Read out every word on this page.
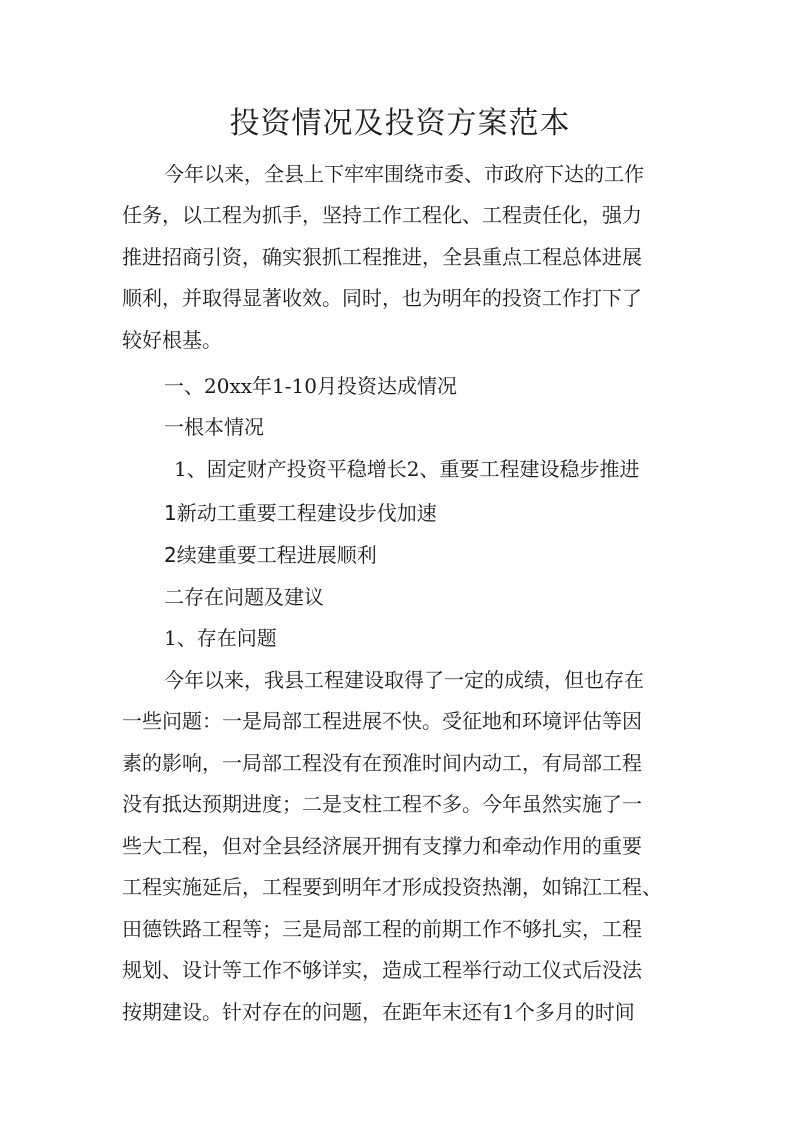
投资情况及投资方案范本
今年以来，全县上下牢牢围绕市委、市政府下达的工作
任务，以工程为抓手，坚持工作工程化、工程责任化，强力
推进招商引资，确实狠抓工程推进，全县重点工程总体进展
顺利，并取得显著收效。同时，也为明年的投资工作打下了
较好根基。
一、20xx年1-10月投资达成情况
一根本情况
1、固定财产投资平稳增长2、重要工程建设稳步推进
1新动工重要工程建设步伐加速
2续建重要工程进展顺利
二存在问题及建议
1、存在问题
今年以来，我县工程建设取得了一定的成绩，但也存在
一些问题：一是局部工程进展不快。受征地和环境评估等因
素的影响，一局部工程没有在预准时间内动工，有局部工程
没有抵达预期进度；二是支柱工程不多。今年虽然实施了一
些大工程，但对全县经济展开拥有支撑力和牵动作用的重要
工程实施延后，工程要到明年才形成投资热潮，如锦江工程、
田德铁路工程等；三是局部工程的前期工作不够扎实，工程
规划、设计等工作不够详实，造成工程举行动工仪式后没法
按期建设。针对存在的问题，在距年末还有1个多月的时间
